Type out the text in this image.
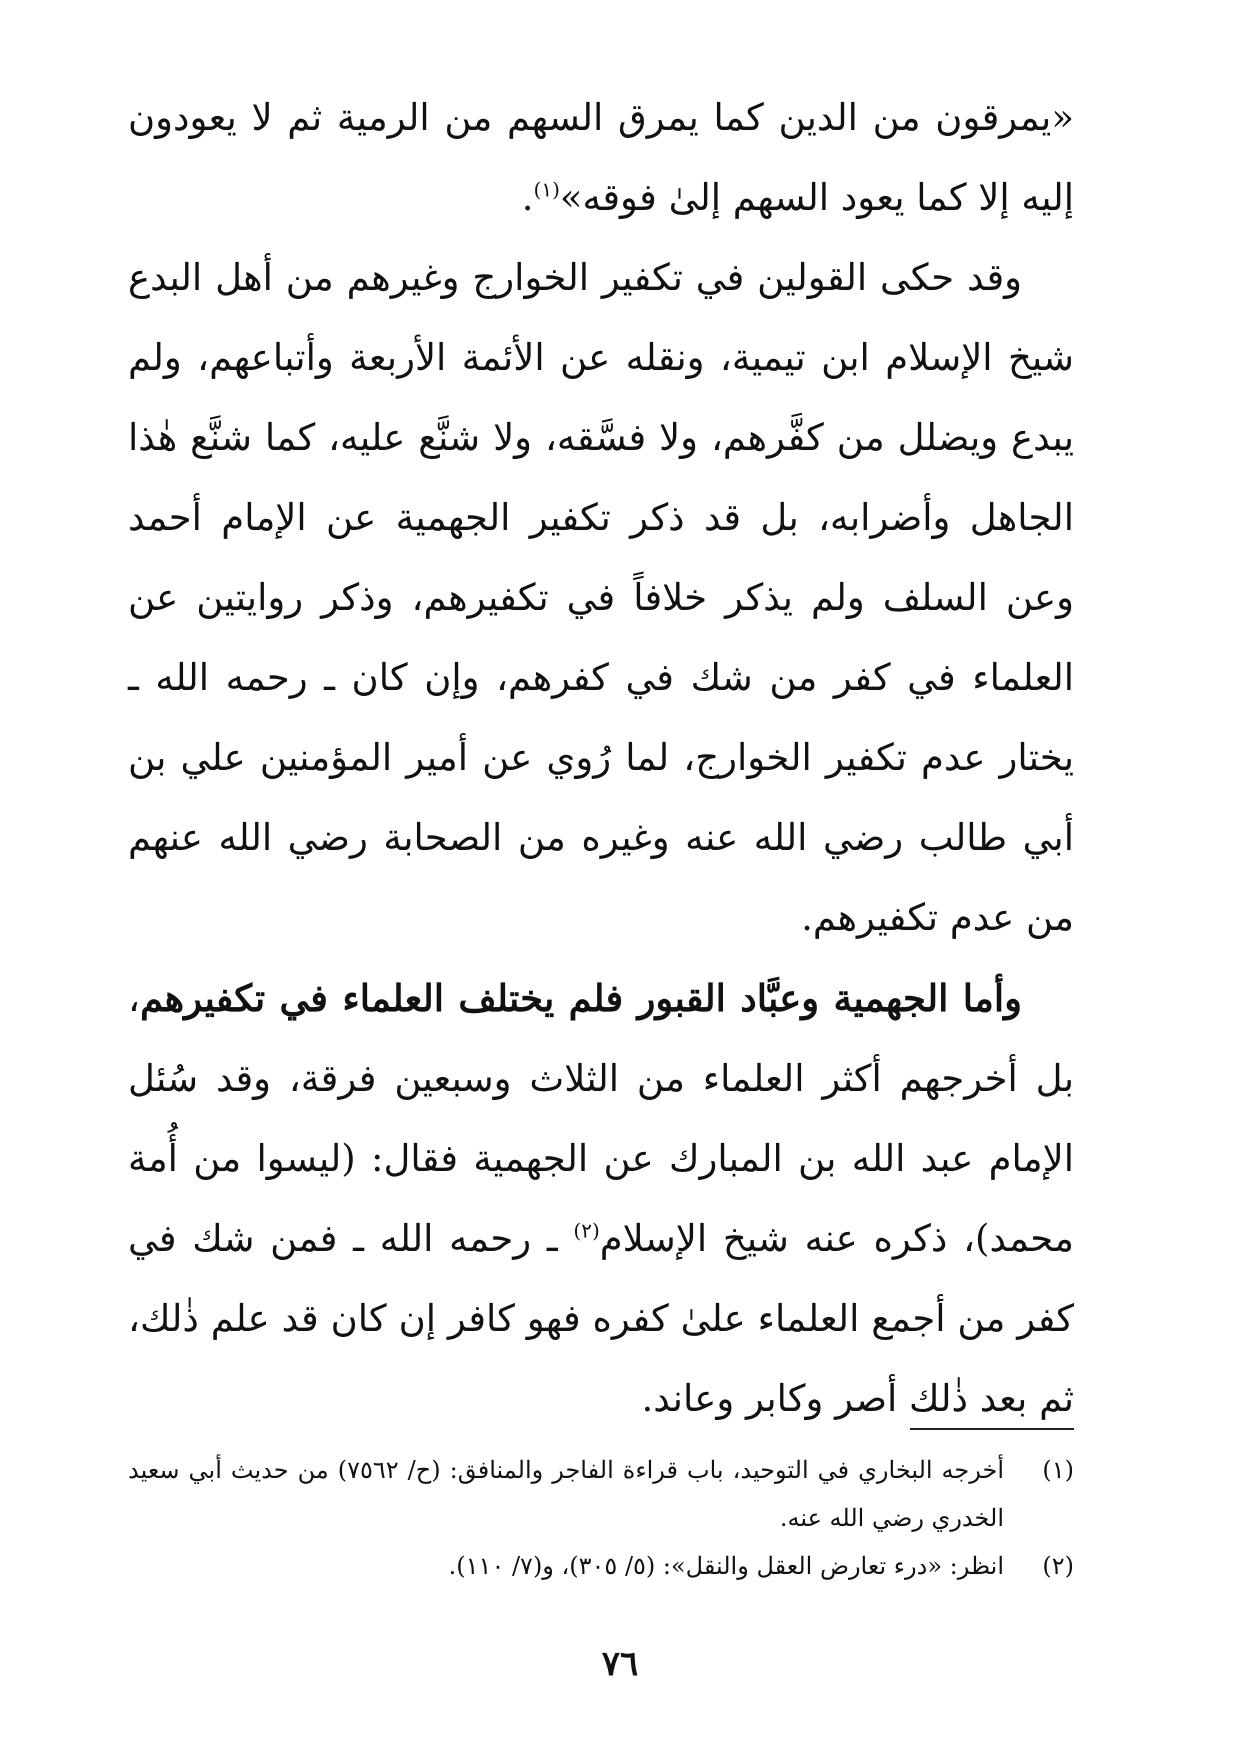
«يمرقون من الدين كما يمرق السهم من الرمية ثم لا يعودون إليه إلا كما يعود السهم إلىٰ فوقه»$^{(١)}$.

وقد حكى القولين في تكفير الخوارج وغيرهم من أهل البدع شيخ الإسلام ابن تيمية، ونقله عن الأئمة الأربعة وأتباعهم، ولم يبدع ويضلل من كفَّرهم، ولا فسَّقه، ولا شنَّع عليه، كما شنَّع هٰذا الجاهل وأضرابه، بل قد ذكر تكفير الجهمية عن الإمام أحمد وعن السلف ولم يذكر خلافاً في تكفيرهم، وذكر روايتين عن العلماء في كفر من شك في كفرهم، وإن كان ـ رحمه الله ـ يختار عدم تكفير الخوارج، لما رُوي عن أمير المؤمنين علي بن أبي طالب رضي الله عنه وغيره من الصحابة رضي الله عنهم من عدم تكفيرهم.

وأما الجهمية وعبَّاد القبور فلم يختلف العلماء في تكفيرهم، بل أخرجهم أكثر العلماء من الثلاث وسبعين فرقة، وقد سُئل الإمام عبد الله بن المبارك عن الجهمية فقال: (ليسوا من أُمة محمد)، ذكره عنه شيخ الإسلام$^{(٢)}$ ـ رحمه الله ـ فمن شك في كفر من أجمع العلماء علىٰ كفره فهو كافر إن كان قد علم ذٰلك، ثم بعد ذٰلك أصر وكابر وعاند.

(١)
أخرجه البخاري في التوحيد، باب قراءة الفاجر والمنافق: (ح/ ٧٥٦٢) من حديث أبي سعيد الخدري رضي الله عنه.

(٢)
انظر: «درء تعارض العقل والنقل»: (٥/ ٣٠٥)، و(٧/ ١١٠).

٧٦
